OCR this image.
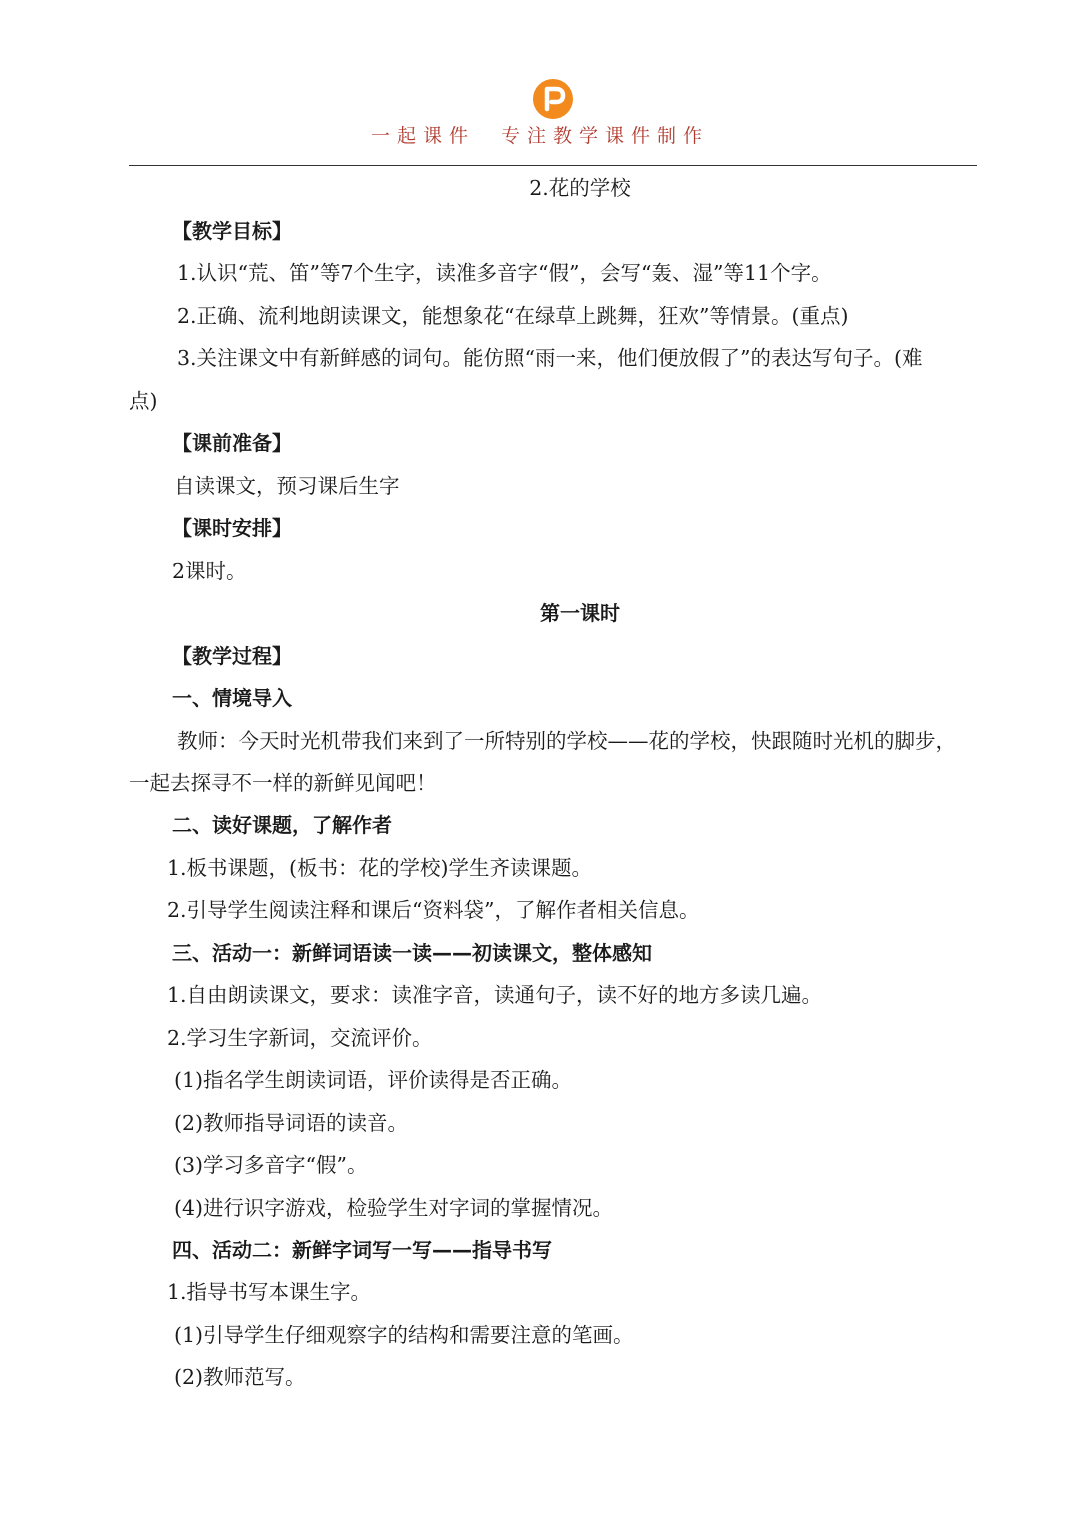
一起课件  专注教学课件制作
2.花的学校
【教学目标】
1.认识“荒、笛”等7个生字，读准多音字“假”，会写“轰、湿”等11个字。
2.正确、流利地朗读课文，能想象花“在绿草上跳舞，狂欢”等情景。(重点)
3.关注课文中有新鲜感的词句。能仿照“雨一来，他们便放假了”的表达写句子。(难
点)
【课前准备】
自读课文，预习课后生字
【课时安排】
2课时。
第一课时
【教学过程】
一、情境导入
教师：今天时光机带我们来到了一所特别的学校——花的学校，快跟随时光机的脚步，
一起去探寻不一样的新鲜见闻吧！
二、读好课题，了解作者
1.板书课题，(板书：花的学校)学生齐读课题。
2.引导学生阅读注释和课后“资料袋”，了解作者相关信息。
三、活动一：新鲜词语读一读——初读课文，整体感知
1.自由朗读课文，要求：读准字音，读通句子，读不好的地方多读几遍。
2.学习生字新词，交流评价。
(1)指名学生朗读词语，评价读得是否正确。
(2)教师指导词语的读音。
(3)学习多音字“假”。
(4)进行识字游戏，检验学生对字词的掌握情况。
四、活动二：新鲜字词写一写——指导书写
1.指导书写本课生字。
(1)引导学生仔细观察字的结构和需要注意的笔画。
(2)教师范写。
